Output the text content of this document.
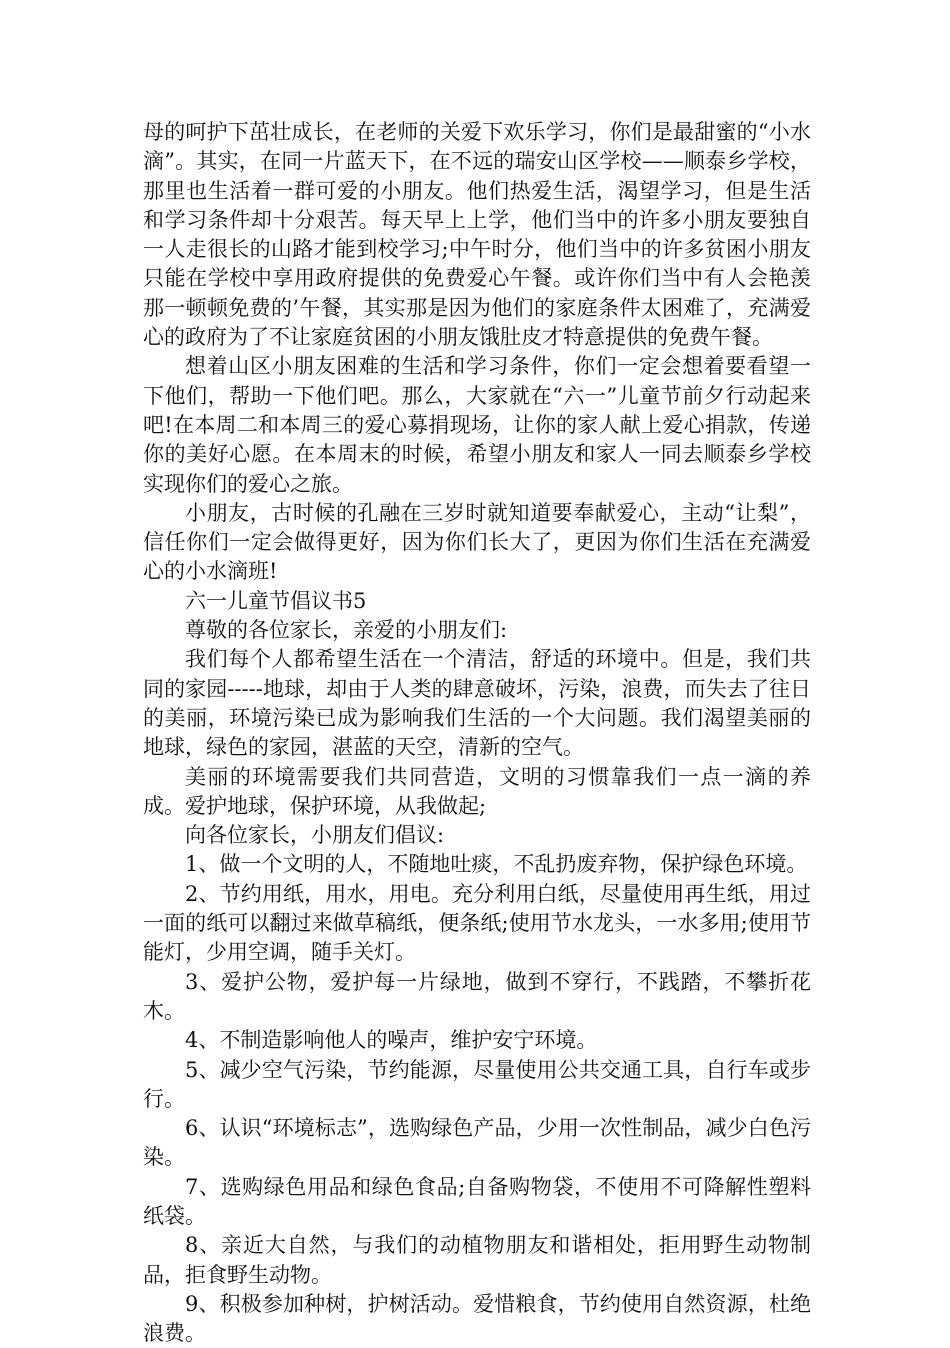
母的呵护下茁壮成长，在老师的关爱下欢乐学习，你们是最甜蜜的“小水滴”。其实，在同一片蓝天下，在不远的瑞安山区学校——顺泰乡学校，那里也生活着一群可爱的小朋友。他们热爱生活，渴望学习，但是生活和学习条件却十分艰苦。每天早上上学，他们当中的许多小朋友要独自一人走很长的山路才能到校学习;中午时分，他们当中的许多贫困小朋友只能在学校中享用政府提供的免费爱心午餐。或许你们当中有人会艳羡那一顿顿免费的’午餐，其实那是因为他们的家庭条件太困难了，充满爱心的政府为了不让家庭贫困的小朋友饿肚皮才特意提供的免费午餐。

想着山区小朋友困难的生活和学习条件，你们一定会想着要看望一下他们，帮助一下他们吧。那么，大家就在“六一”儿童节前夕行动起来吧!在本周二和本周三的爱心募捐现场，让你的家人献上爱心捐款，传递你的美好心愿。在本周末的时候，希望小朋友和家人一同去顺泰乡学校实现你们的爱心之旅。

小朋友，古时候的孔融在三岁时就知道要奉献爱心，主动“让梨”，信任你们一定会做得更好，因为你们长大了，更因为你们生活在充满爱心的小水滴班!

六一儿童节倡议书5

尊敬的各位家长，亲爱的小朋友们:

我们每个人都希望生活在一个清洁，舒适的环境中。但是，我们共同的家园-----地球，却由于人类的肆意破坏，污染，浪费，而失去了往日的美丽，环境污染已成为影响我们生活的一个大问题。我们渴望美丽的地球，绿色的家园，湛蓝的天空，清新的空气。

美丽的环境需要我们共同营造，文明的习惯靠我们一点一滴的养成。爱护地球，保护环境，从我做起;

向各位家长，小朋友们倡议:

1、做一个文明的人，不随地吐痰，不乱扔废弃物，保护绿色环境。

2、节约用纸，用水，用电。充分利用白纸，尽量使用再生纸，用过一面的纸可以翻过来做草稿纸，便条纸;使用节水龙头，一水多用;使用节能灯，少用空调，随手关灯。

3、爱护公物，爱护每一片绿地，做到不穿行，不践踏，不攀折花木。

4、不制造影响他人的噪声，维护安宁环境。

5、减少空气污染，节约能源，尽量使用公共交通工具，自行车或步行。

6、认识“环境标志”，选购绿色产品，少用一次性制品，减少白色污染。

7、选购绿色用品和绿色食品;自备购物袋，不使用不可降解性塑料纸袋。

8、亲近大自然，与我们的动植物朋友和谐相处，拒用野生动物制品，拒食野生动物。

9、积极参加种树，护树活动。爱惜粮食，节约使用自然资源，杜绝浪费。
